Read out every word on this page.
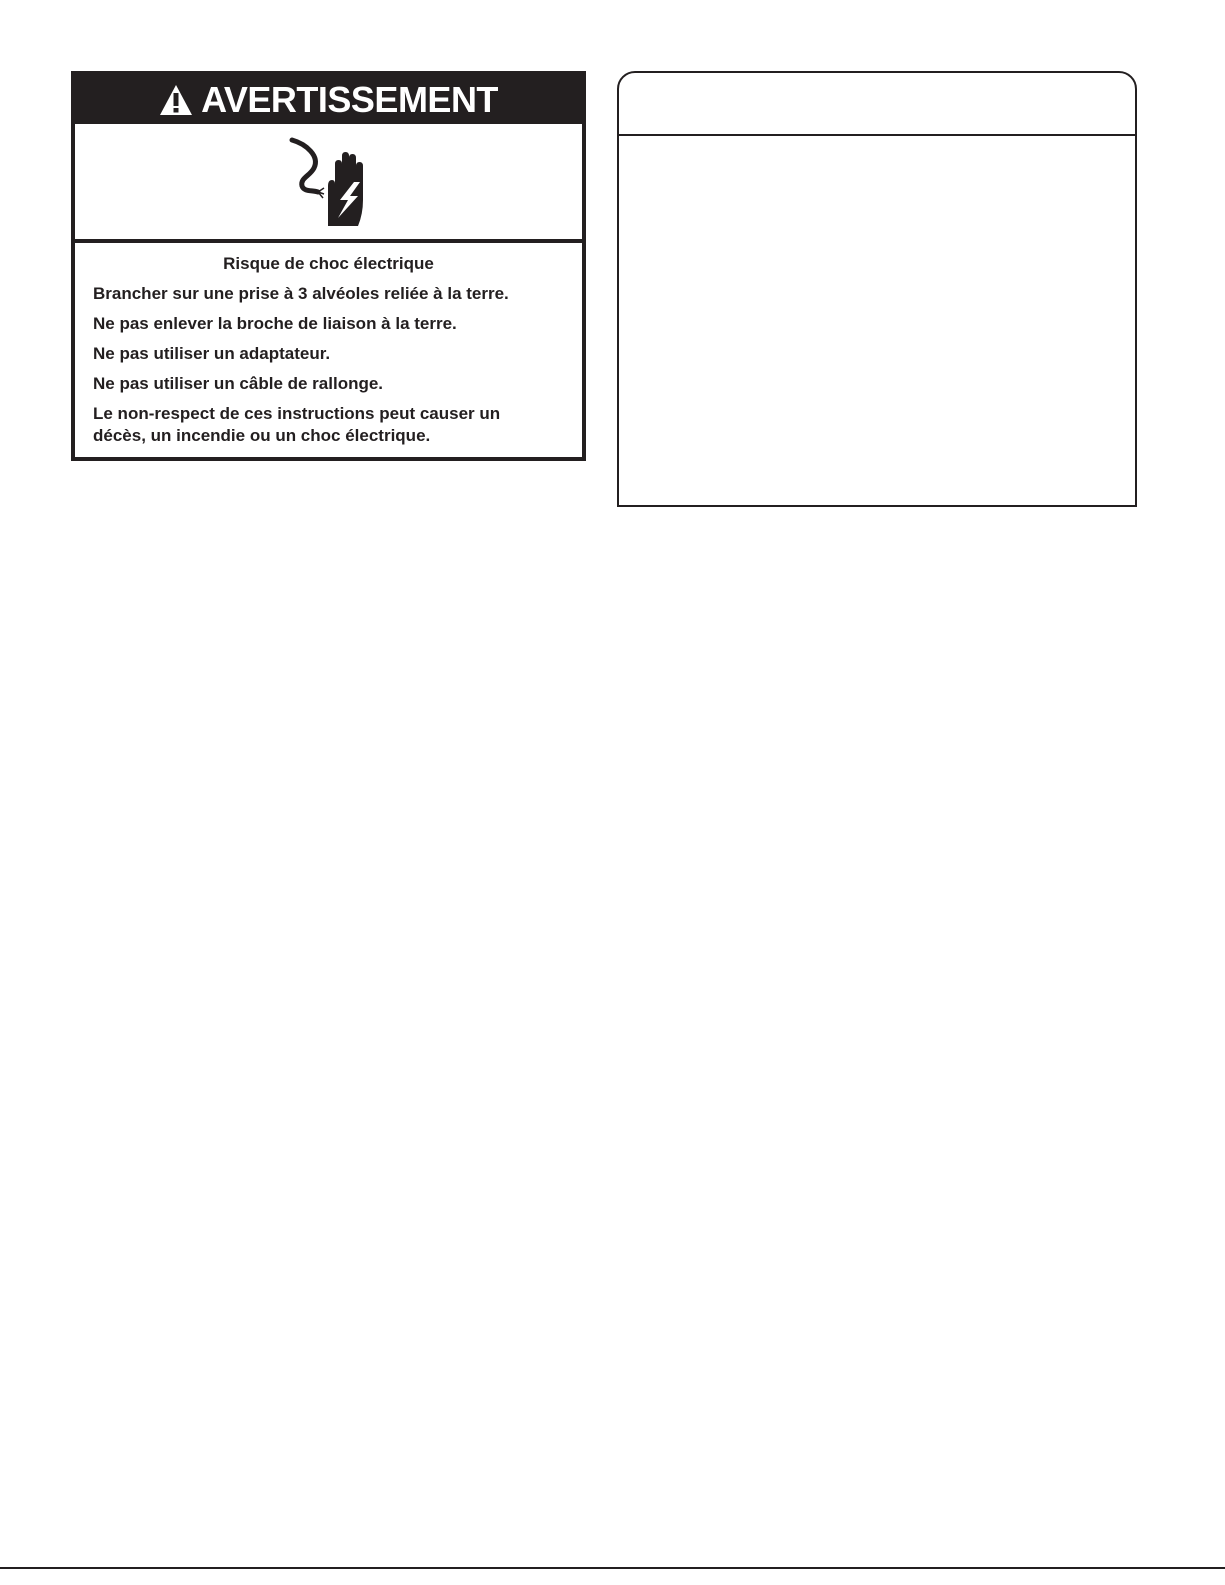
AVERTISSEMENT

Risque de choc électrique

Brancher sur une prise à 3 alvéoles reliée à la terre.

Ne pas enlever la broche de liaison à la terre.

Ne pas utiliser un adaptateur.

Ne pas utiliser un câble de rallonge.

Le non-respect de ces instructions peut causer un décès, un incendie ou un choc électrique.
